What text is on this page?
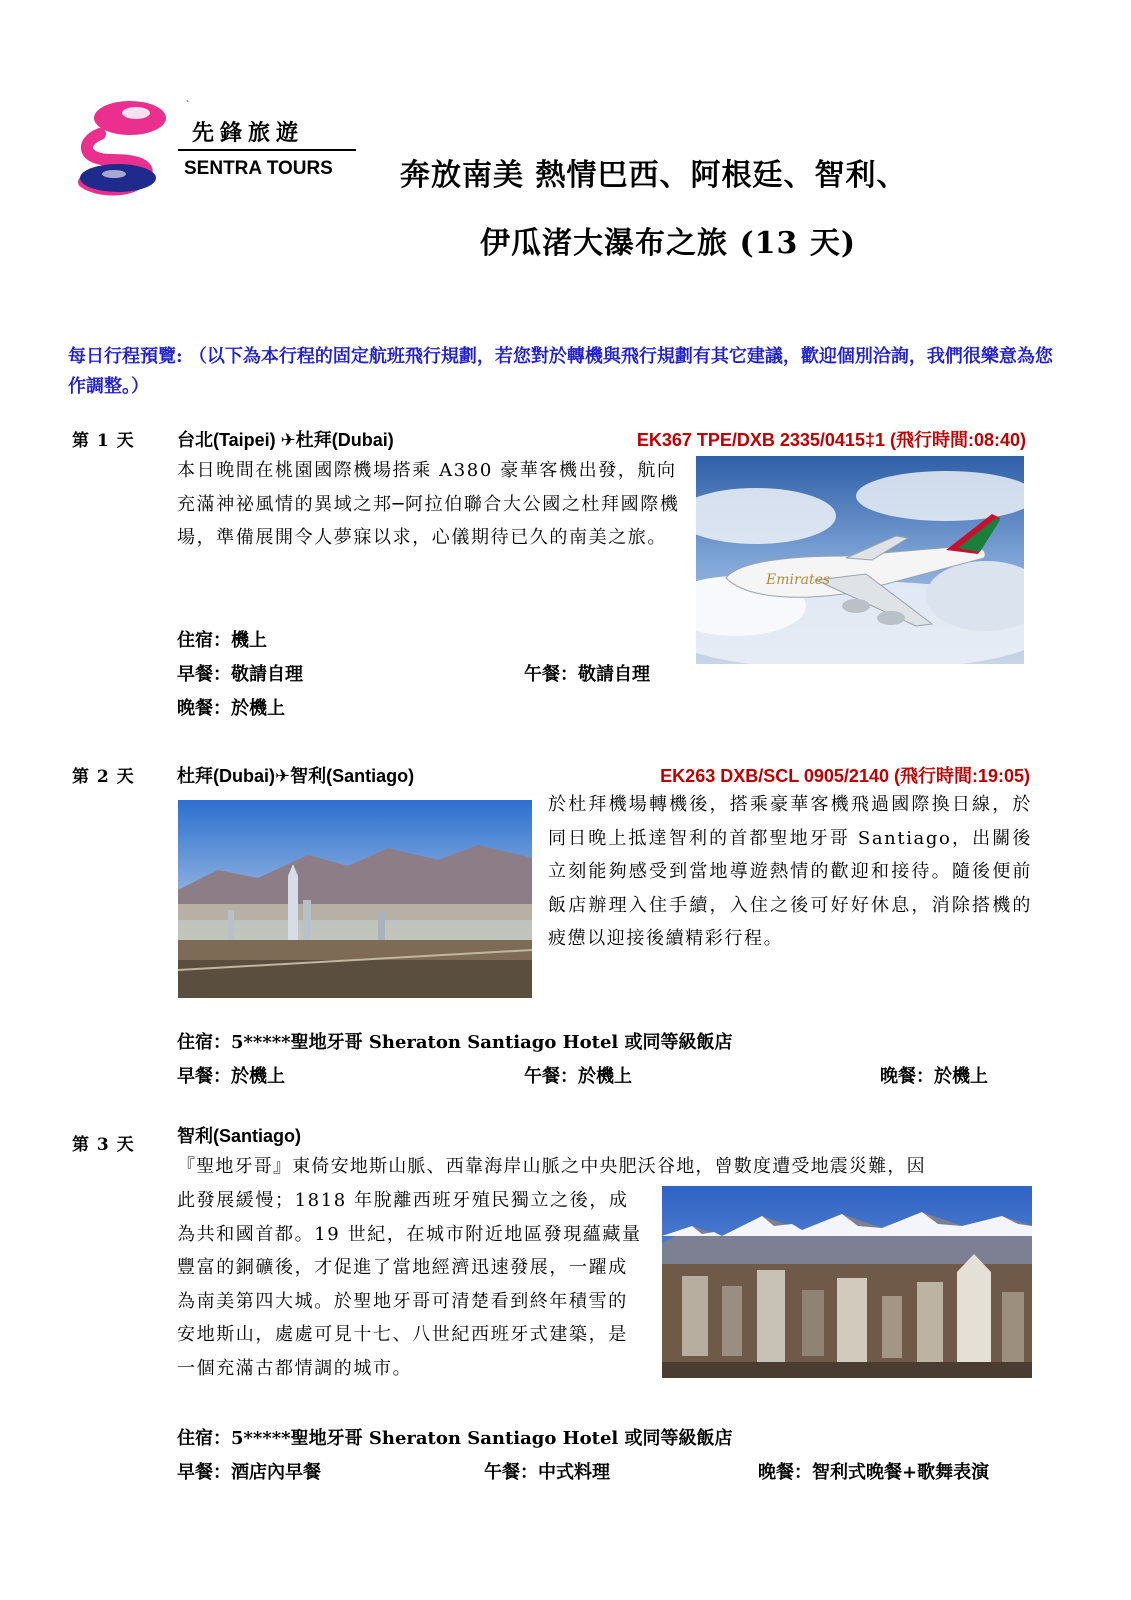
`
先鋒旅遊
SENTRA TOURS 奔放南美 熱情巴西、阿根廷、智利、
伊瓜渚大瀑布之旅 (13 天)
每日行程預覽: （以下為本行程的固定航班飛行規劃，若您對於轉機與飛行規劃有其它建議，歡迎個別洽詢，我們很樂意為您作調整。）
第 1 天 台北(Taipei) ✈杜拜(Dubai)	EK367 TPE/DXB 2335/0415‡1 (飛行時間:08:40)

本日晚間在桃園國際機場搭乘 A380 豪華客機出發，航向充滿神祕風情的異域之邦─阿拉伯聯合大公國之杜拜國際機場，準備展開令人夢寐以求，心儀期待已久的南美之旅。

Emirates
住宿：機上
早餐：敬請自理	午餐：敬請自理
晚餐：於機上
第 2 天 杜拜(Dubai)✈智利(Santiago)	EK263 DXB/SCL 0905/2140 (飛行時間:19:05)

於杜拜機場轉機後，搭乘豪華客機飛過國際換日線，於同日晚上抵達智利的首都聖地牙哥 Santiago，出關後立刻能夠感受到當地導遊熱情的歡迎和接待。隨後便前飯店辦理入住手續，入住之後可好好休息，消除搭機的疲憊以迎接後續精彩行程。

住宿：5*****聖地牙哥 Sheraton Santiago Hotel 或同等級飯店
早餐：於機上	午餐：於機上	晚餐：於機上
第 3 天 智利(Santiago)
『聖地牙哥』東倚安地斯山脈、西靠海岸山脈之中央肥沃谷地，曾數度遭受地震災難，因

此發展緩慢；1818 年脫離西班牙殖民獨立之後，成為共和國首都。19 世紀，在城市附近地區發現蘊藏量豐富的銅礦後，才促進了當地經濟迅速發展，一躍成為南美第四大城。於聖地牙哥可清楚看到終年積雪的安地斯山，處處可見十七、八世紀西班牙式建築，是一個充滿古都情調的城市。

住宿：5*****聖地牙哥 Sheraton Santiago Hotel 或同等級飯店
早餐：酒店內早餐	午餐：中式料理	晚餐：智利式晚餐+歌舞表演
